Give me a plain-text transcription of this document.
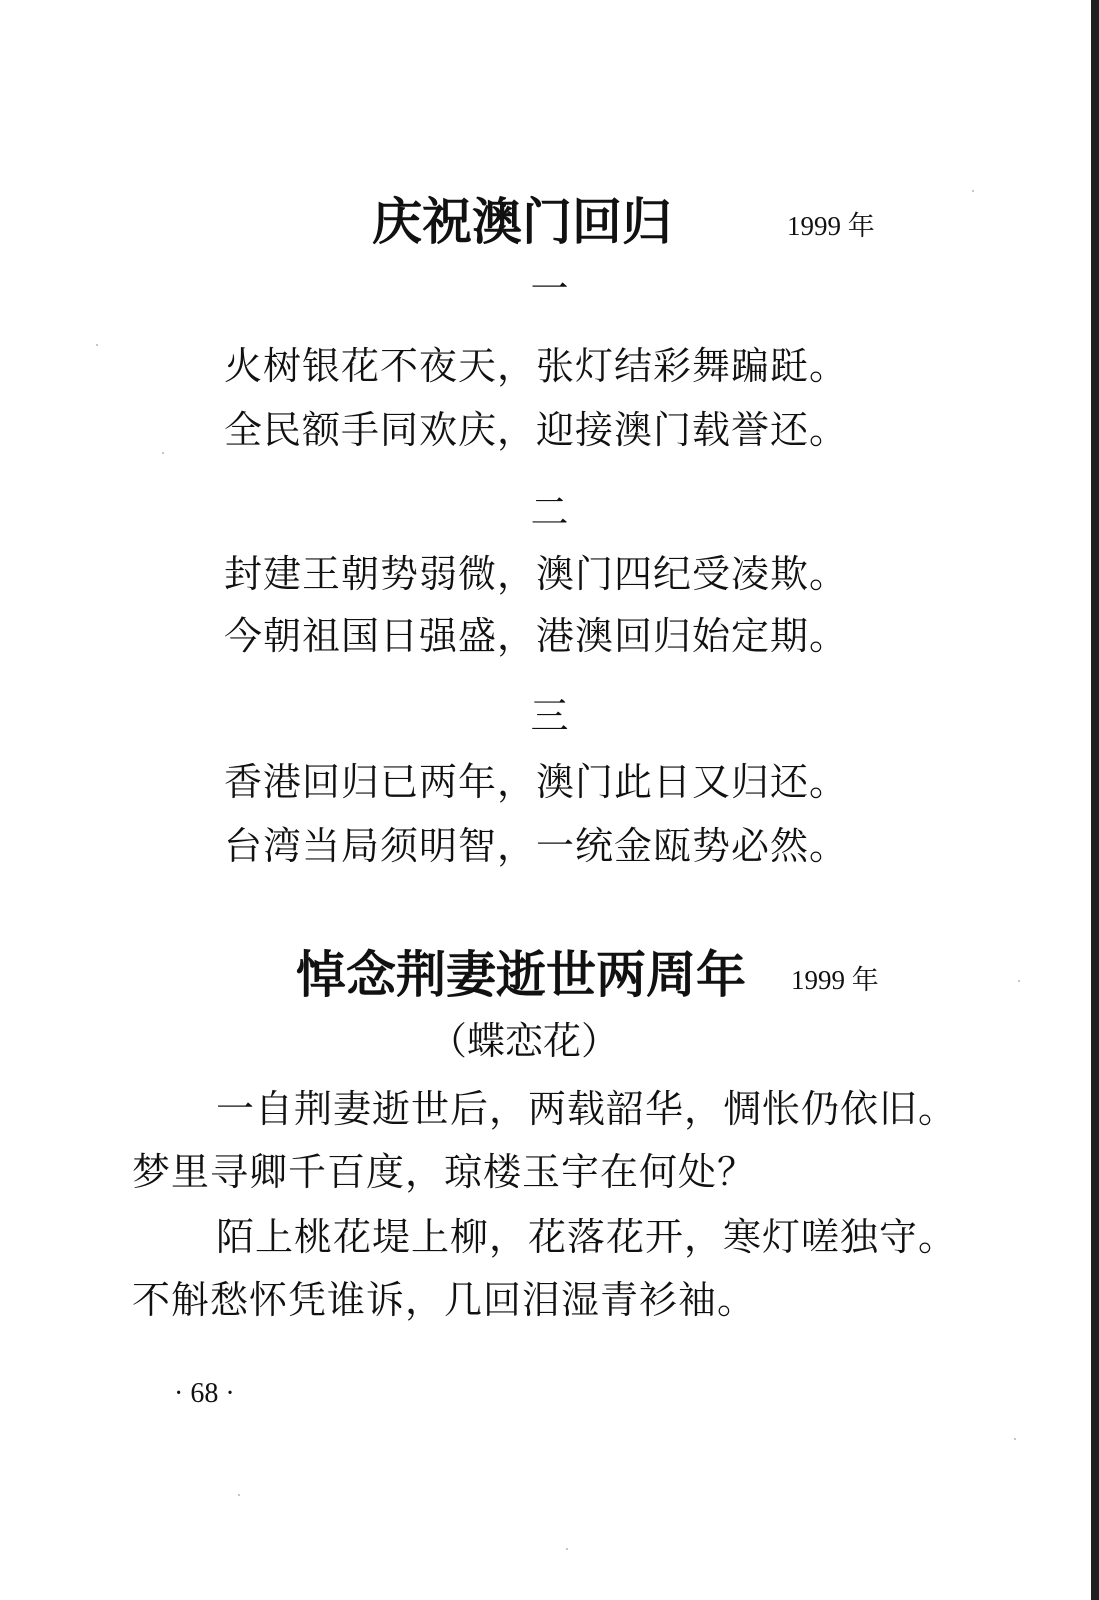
庆祝澳门回归	1999 年
一
火树银花不夜天，张灯结彩舞蹁跹。
全民额手同欢庆，迎接澳门载誉还。
二
封建王朝势弱微，澳门四纪受凌欺。
今朝祖国日强盛，港澳回归始定期。
三
香港回归已两年，澳门此日又归还。
台湾当局须明智，一统金瓯势必然。
悼念荆妻逝世两周年 1999 年
（蝶恋花）
一自荆妻逝世后，两载韶华，惆怅仍依旧。
梦里寻卿千百度，琼楼玉宇在何处？
陌上桃花堤上柳，花落花开，寒灯嗟独守。
不斛愁怀凭谁诉，几回泪湿青衫袖。
· 68 ·
